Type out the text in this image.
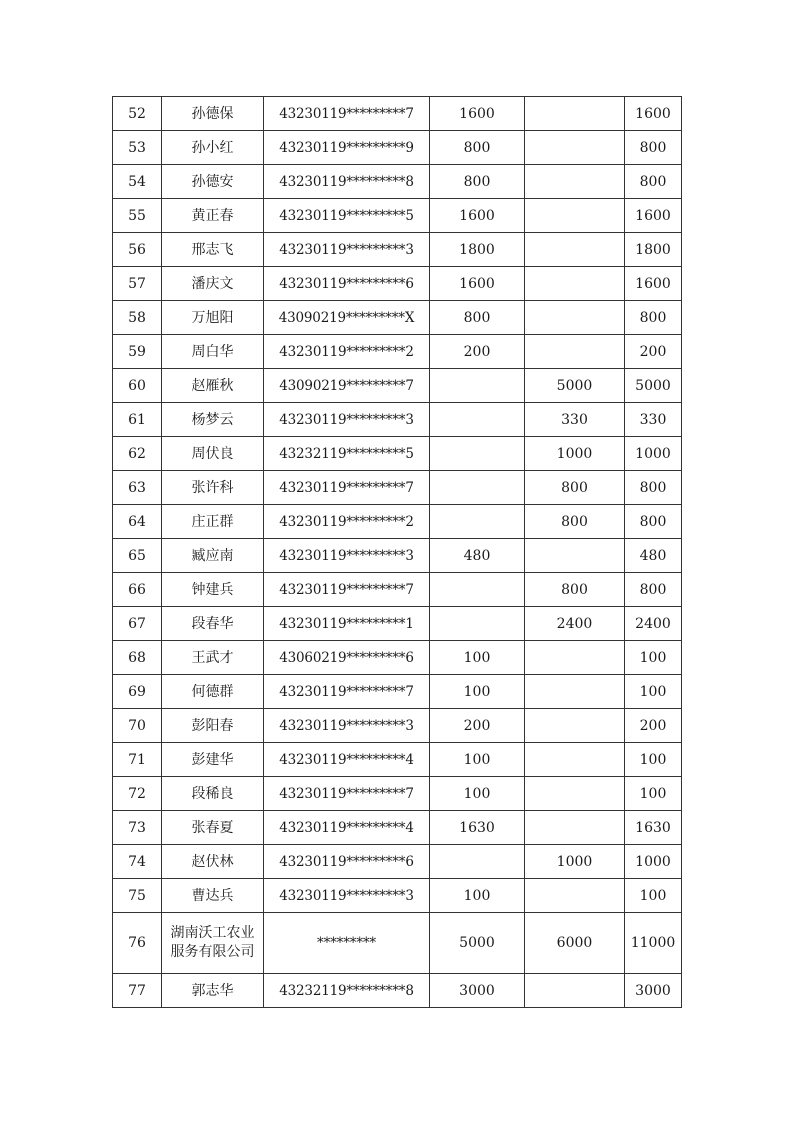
52	孙德保	43230119*********7	1600		1600
53	孙小红	43230119*********9	800		800
54	孙德安	43230119*********8	800		800
55	黄正春	43230119*********5	1600		1600
56	邢志飞	43230119*********3	1800		1800
57	潘庆文	43230119*********6	1600		1600
58	万旭阳	43090219*********X	800		800
59	周白华	43230119*********2	200		200
60	赵雁秋	43090219*********7		5000	5000
61	杨梦云	43230119*********3		330	330
62	周伏良	43232119*********5		1000	1000
63	张许科	43230119*********7		800	800
64	庄正群	43230119*********2		800	800
65	臧应南	43230119*********3	480		480
66	钟建兵	43230119*********7		800	800
67	段春华	43230119*********1		2400	2400
68	王武才	43060219*********6	100		100
69	何德群	43230119*********7	100		100
70	彭阳春	43230119*********3	200		200
71	彭建华	43230119*********4	100		100
72	段稀良	43230119*********7	100		100
73	张春夏	43230119*********4	1630		1630
74	赵伏林	43230119*********6		1000	1000
75	曹达兵	43230119*********3	100		100
76	湖南沃工农业服务有限公司	*********	5000	6000	11000
77	郭志华	43232119*********8	3000		3000
